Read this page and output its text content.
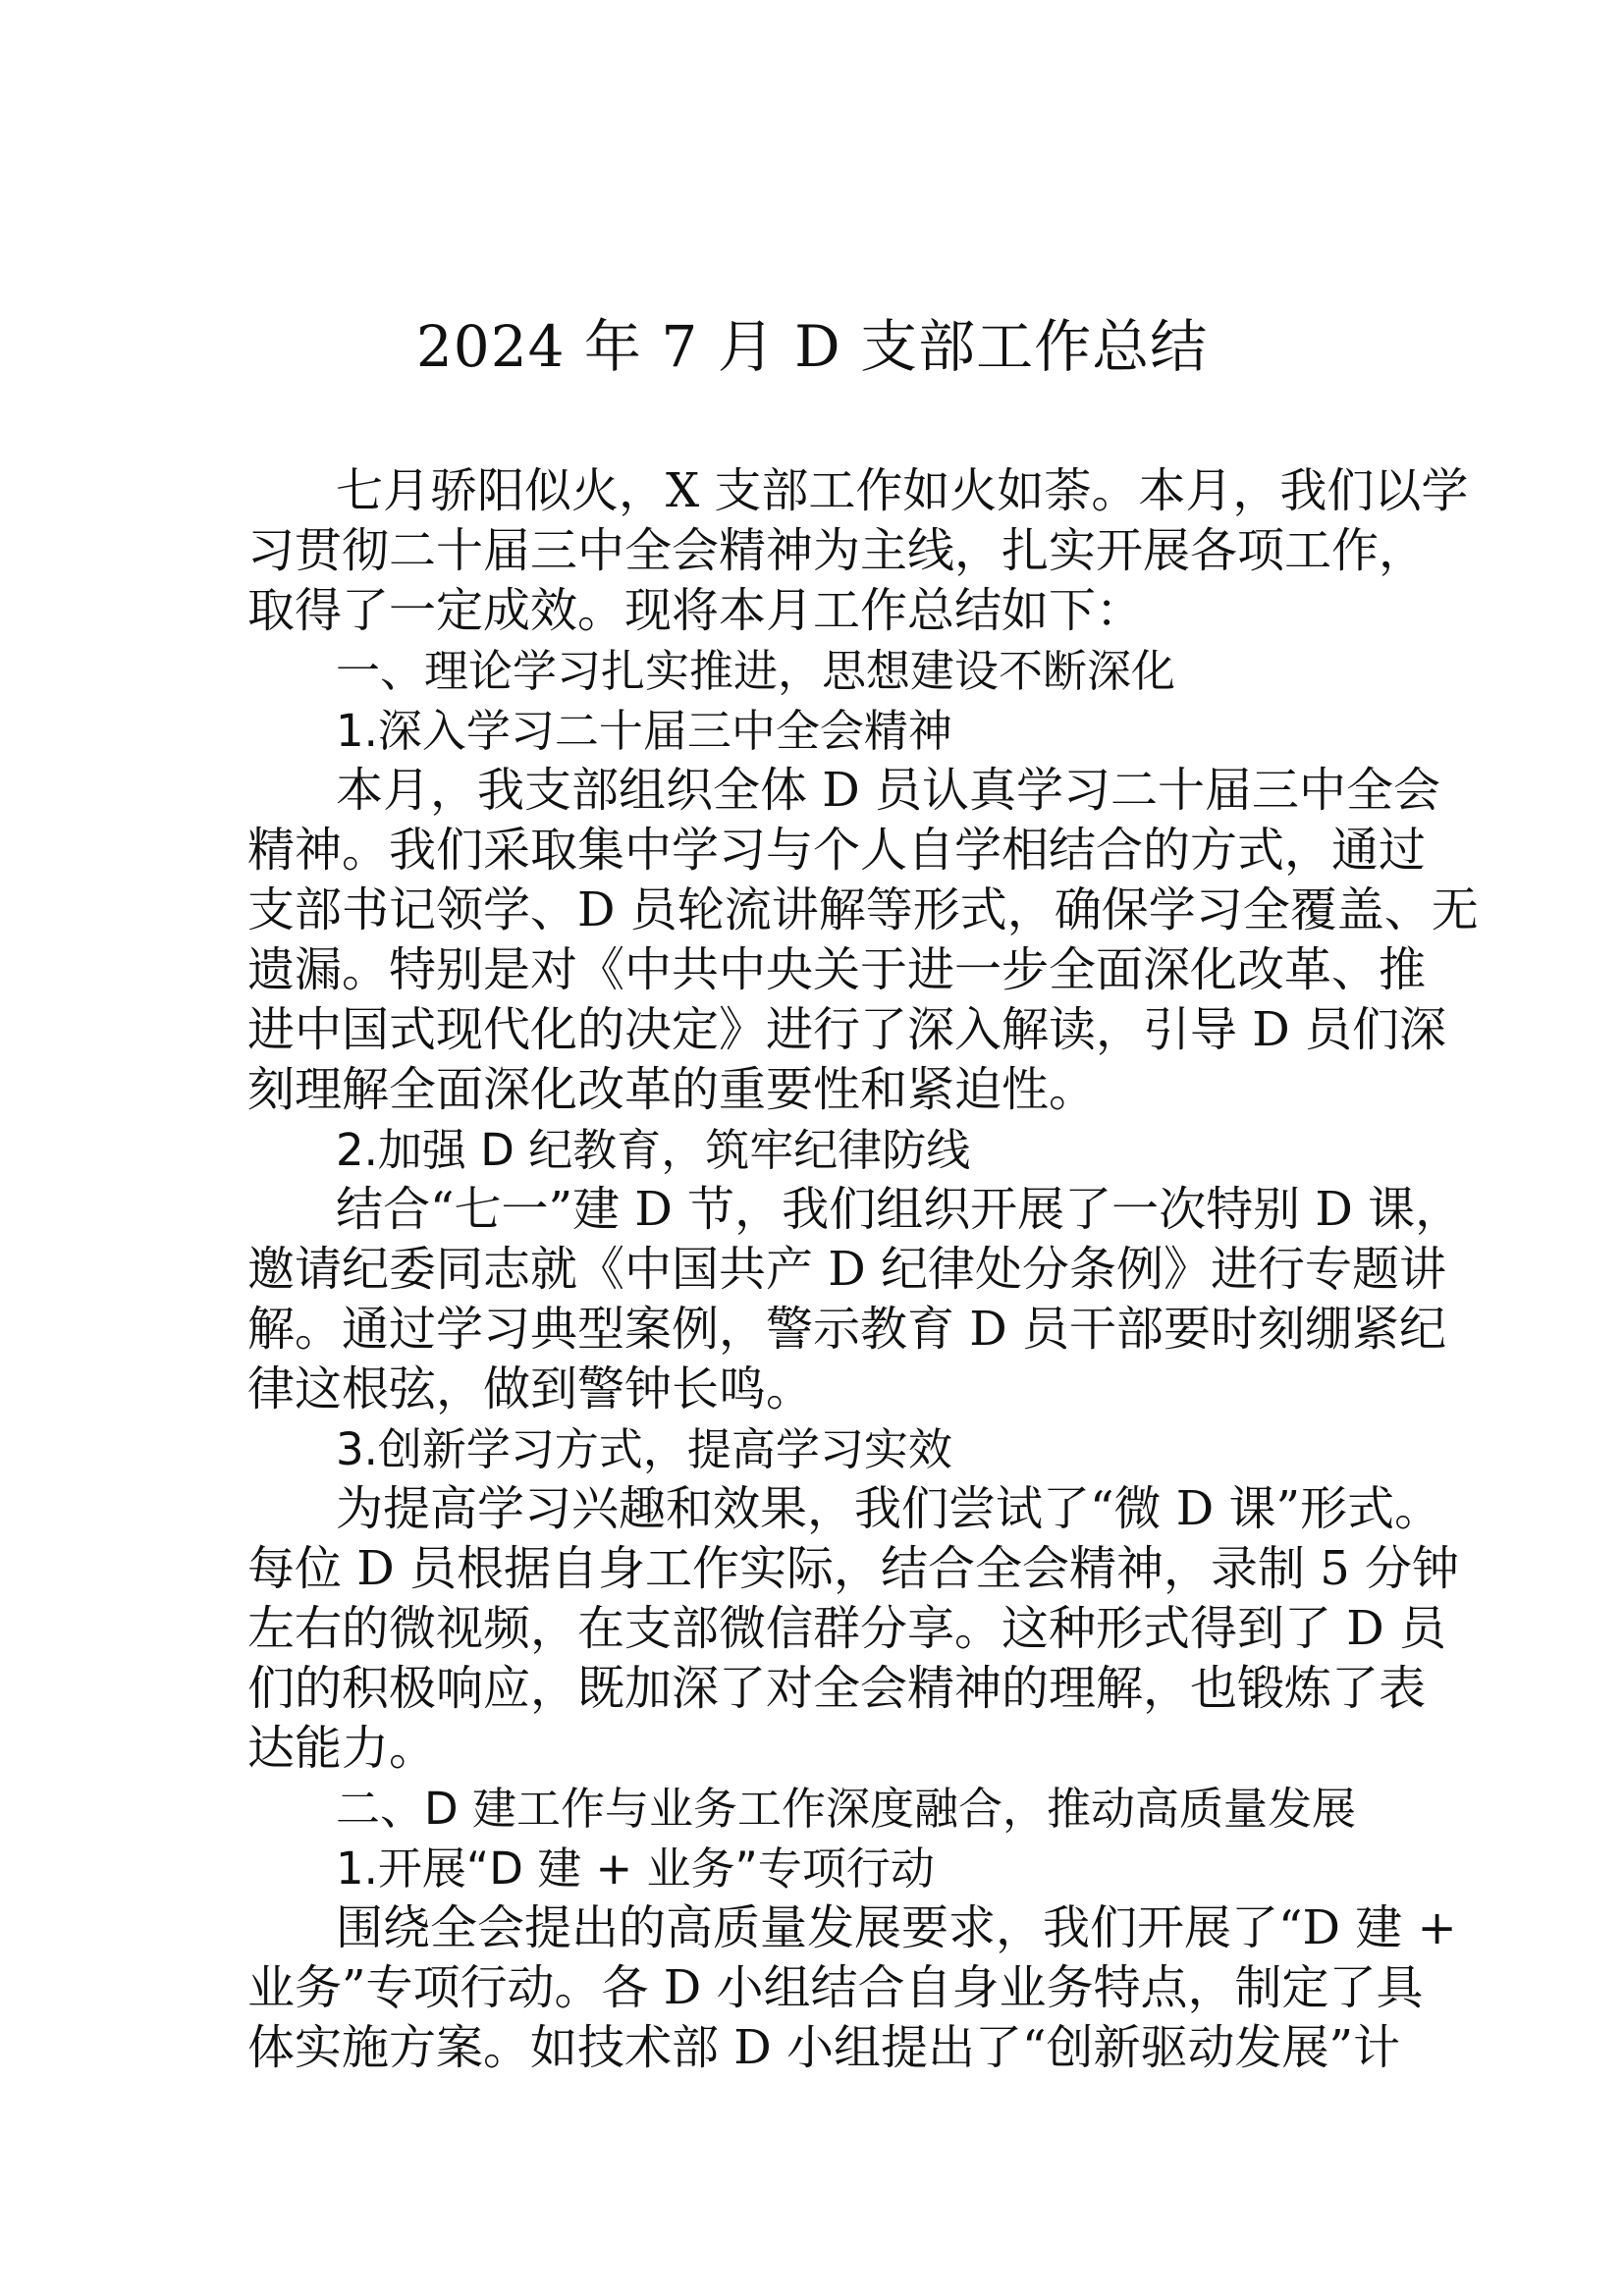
2024 年 7 月 D 支部工作总结
七月骄阳似火，X 支部工作如火如荼。本月，我们以学
习贯彻二十届三中全会精神为主线，扎实开展各项工作，
取得了一定成效。现将本月工作总结如下：
一、理论学习扎实推进，思想建设不断深化
1.深入学习二十届三中全会精神
本月，我支部组织全体 D 员认真学习二十届三中全会
精神。我们采取集中学习与个人自学相结合的方式，通过
支部书记领学、D 员轮流讲解等形式，确保学习全覆盖、无
遗漏。特别是对《中共中央关于进一步全面深化改革、推
进中国式现代化的决定》进行了深入解读，引导 D 员们深
刻理解全面深化改革的重要性和紧迫性。
2.加强 D 纪教育，筑牢纪律防线
结合“七一”建 D 节，我们组织开展了一次特别 D 课，
邀请纪委同志就《中国共产 D 纪律处分条例》进行专题讲
解。通过学习典型案例，警示教育 D 员干部要时刻绷紧纪
律这根弦，做到警钟长鸣。
3.创新学习方式，提高学习实效
为提高学习兴趣和效果，我们尝试了“微 D 课”形式。
每位 D 员根据自身工作实际，结合全会精神，录制 5 分钟
左右的微视频，在支部微信群分享。这种形式得到了 D 员
们的积极响应，既加深了对全会精神的理解，也锻炼了表
达能力。
二、D 建工作与业务工作深度融合，推动高质量发展
1.开展“D 建 + 业务”专项行动
围绕全会提出的高质量发展要求，我们开展了“D 建 +
业务”专项行动。各 D 小组结合自身业务特点，制定了具
体实施方案。如技术部 D 小组提出了“创新驱动发展”计
